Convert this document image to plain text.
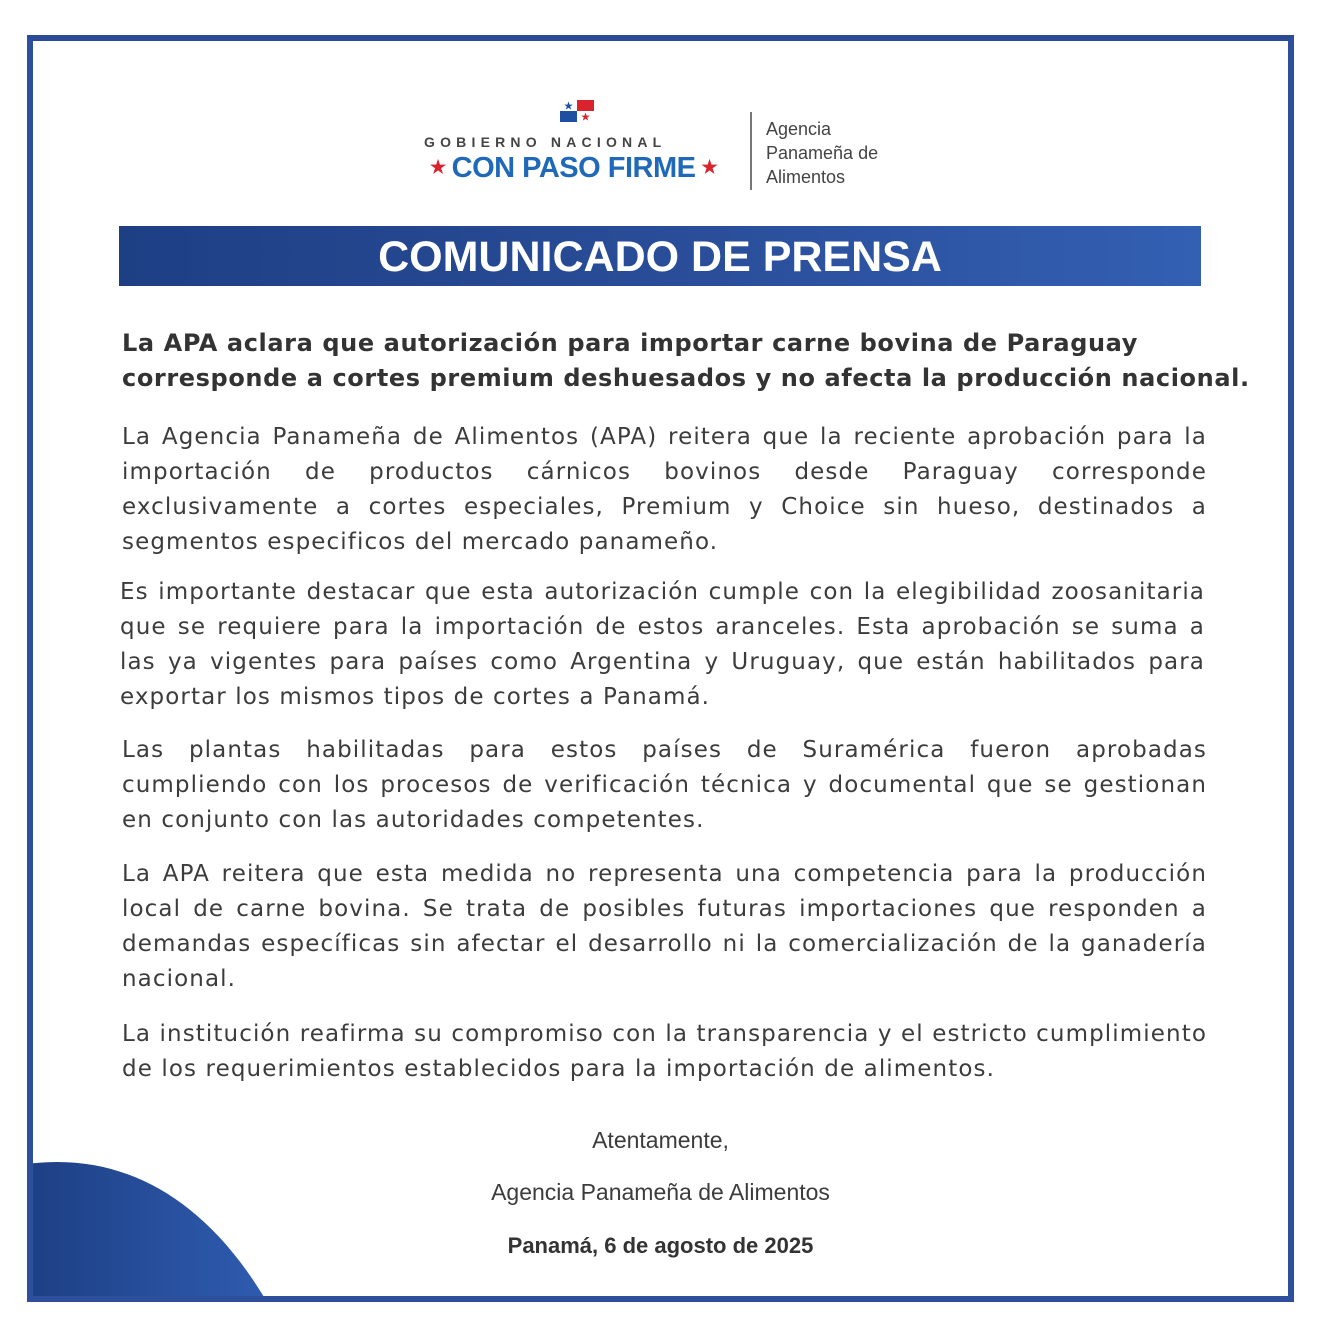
GOBIERNO NACIONAL
★ CON PASO FIRME ★
Agencia
Panameña de
Alimentos
COMUNICADO DE PRENSA
La APA aclara que autorización para importar carne bovina de Paraguay
corresponde a cortes premium deshuesados y no afecta la producción nacional.
La Agencia Panameña de Alimentos (APA) reitera que la reciente aprobación para la importación de productos cárnicos bovinos desde Paraguay corresponde exclusivamente a cortes especiales, Premium y Choice sin hueso, destinados a segmentos especificos del mercado panameño.
Es importante destacar que esta autorización cumple con la elegibilidad zoosanitaria que se requiere para la importación de estos aranceles. Esta aprobación se suma a las ya vigentes para países como Argentina y Uruguay, que están habilitados para exportar los mismos tipos de cortes a Panamá.
Las plantas habilitadas para estos países de Suramérica fueron aprobadas cumpliendo con los procesos de verificación técnica y documental que se gestionan en conjunto con las autoridades competentes.
La APA reitera que esta medida no representa una competencia para la producción local de carne bovina. Se trata de posibles futuras importaciones que responden a demandas específicas sin afectar el desarrollo ni la comercialización de la ganadería nacional.
La institución reafirma su compromiso con la transparencia y el estricto cumplimiento de los requerimientos establecidos para la importación de alimentos.
Atentamente,
Agencia Panameña de Alimentos
Panamá, 6 de agosto de 2025
